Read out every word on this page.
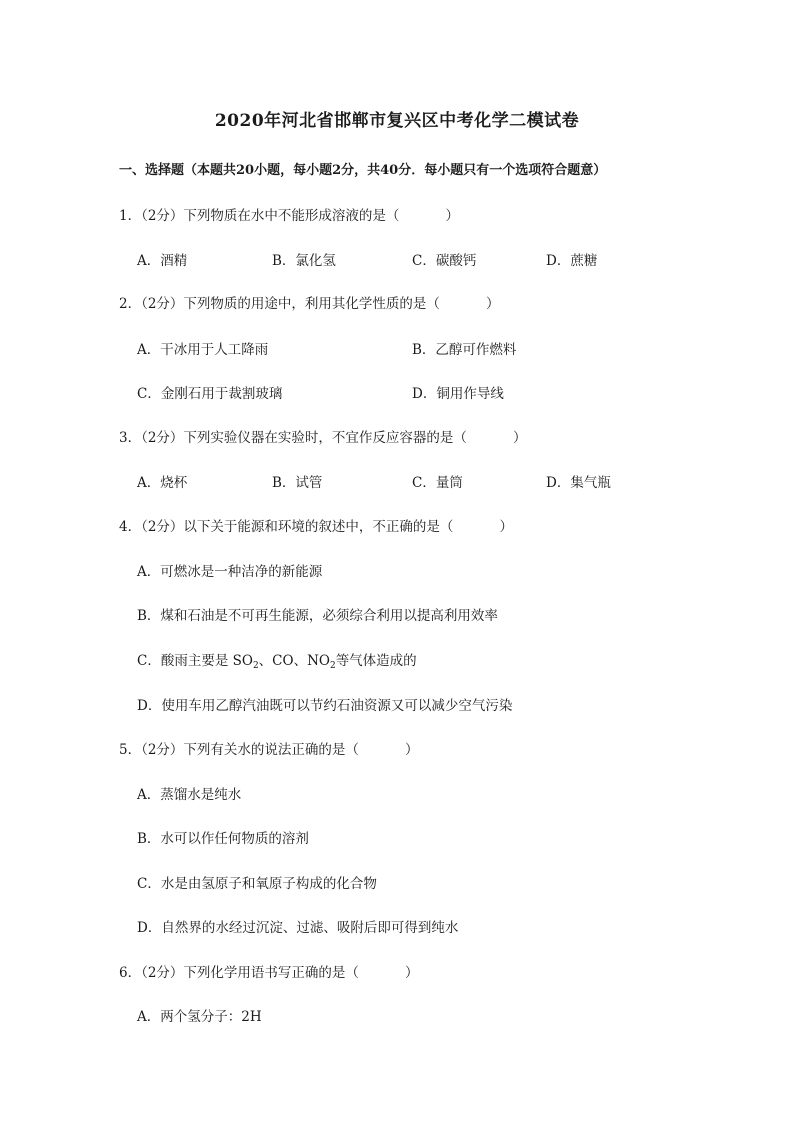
2020年河北省邯郸市复兴区中考化学二模试卷
一、选择题（本题共20小题，每小题2分，共40分．每小题只有一个选项符合题意）
1．（2分）下列物质在水中不能形成溶液的是（	）
A．酒精	B．氯化氢	C．碳酸钙	D．蔗糖
2．（2分）下列物质的用途中，利用其化学性质的是（	）
A．干冰用于人工降雨	B．乙醇可作燃料
C．金刚石用于裁割玻璃	D．铜用作导线
3．（2分）下列实验仪器在实验时，不宜作反应容器的是（	）
A．烧杯	B．试管	C．量筒	D．集气瓶
4．（2分）以下关于能源和环境的叙述中，不正确的是（	）
A．可燃冰是一种洁净的新能源
B．煤和石油是不可再生能源，必须综合利用以提高利用效率
C．酸雨主要是 $SO_2$、CO、$NO_2$等气体造成的
D．使用车用乙醇汽油既可以节约石油资源又可以减少空气污染
5．（2分）下列有关水的说法正确的是（	）
A．蒸馏水是纯水
B．水可以作任何物质的溶剂
C．水是由氢原子和氧原子构成的化合物
D．自然界的水经过沉淀、过滤、吸附后即可得到纯水
6．（2分）下列化学用语书写正确的是（	）
A．两个氢分子：2H
